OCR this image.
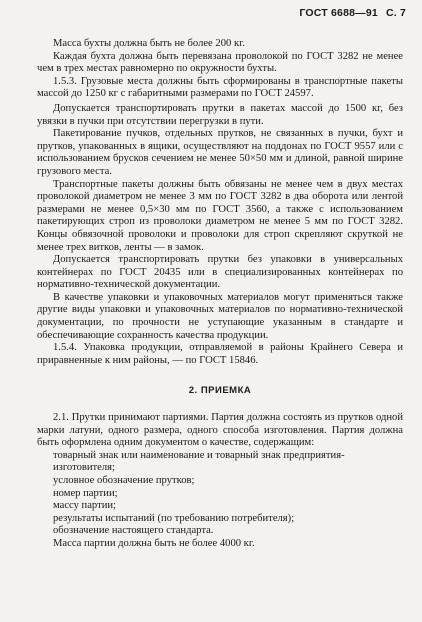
ГОСТ 6688—91 С. 7

Масса бухты должна быть не более 200 кг.

Каждая бухта должна быть перевязана проволокой по ГОСТ 3282 не менее чем в трех местах равномерно по окружности бухты.

1.5.3. Грузовые места должны быть сформированы в транспортные пакеты массой до 1250 кг с габаритными размерами по ГОСТ 24597.

Допускается транспортировать прутки в пакетах массой до 1500 кг, без увязки в пучки при отсутствии перегрузки в пути.

Пакетирование пучков, отдельных прутков, не связанных в пучки, бухт и прутков, упакованных в ящики, осуществляют на поддонах по ГОСТ 9557 или с использованием брусков сечением не менее 50×50 мм и длиной, равной ширине грузового места.

Транспортные пакеты должны быть обвязаны не менее чем в двух местах проволокой диаметром не менее 3 мм по ГОСТ 3282 в два оборота или лентой размерами не менее 0,5×30 мм по ГОСТ 3560, а также с использованием пакетирующих строп из проволоки диаметром не менее 5 мм по ГОСТ 3282. Концы обвязочной проволоки и проволоки для строп скрепляют скруткой не менее трех витков, ленты — в замок.

Допускается транспортировать прутки без упаковки в универсальных контейнерах по ГОСТ 20435 или в специализированных контейнерах по нормативно-технической документации.

В качестве упаковки и упаковочных материалов могут применяться также другие виды упаковки и упаковочных материалов по нормативно-технической документации, по прочности не уступающие указанным в стандарте и обеспечивающие сохранность качества продукции.

1.5.4. Упаковка продукции, отправляемой в районы Крайнего Севера и приравненные к ним районы, — по ГОСТ 15846.

2. ПРИЕМКА

2.1. Прутки принимают партиями. Партия должна состоять из прутков одной марки латуни, одного размера, одного способа изготовления. Партия должна быть оформлена одним документом о качестве, содержащим:

товарный знак или наименование и товарный знак предприятия-изготовителя;

условное обозначение прутков;

номер партии;

массу партии;

результаты испытаний (по требованию потребителя);

обозначение настоящего стандарта.

Масса партии должна быть не более 4000 кг.
